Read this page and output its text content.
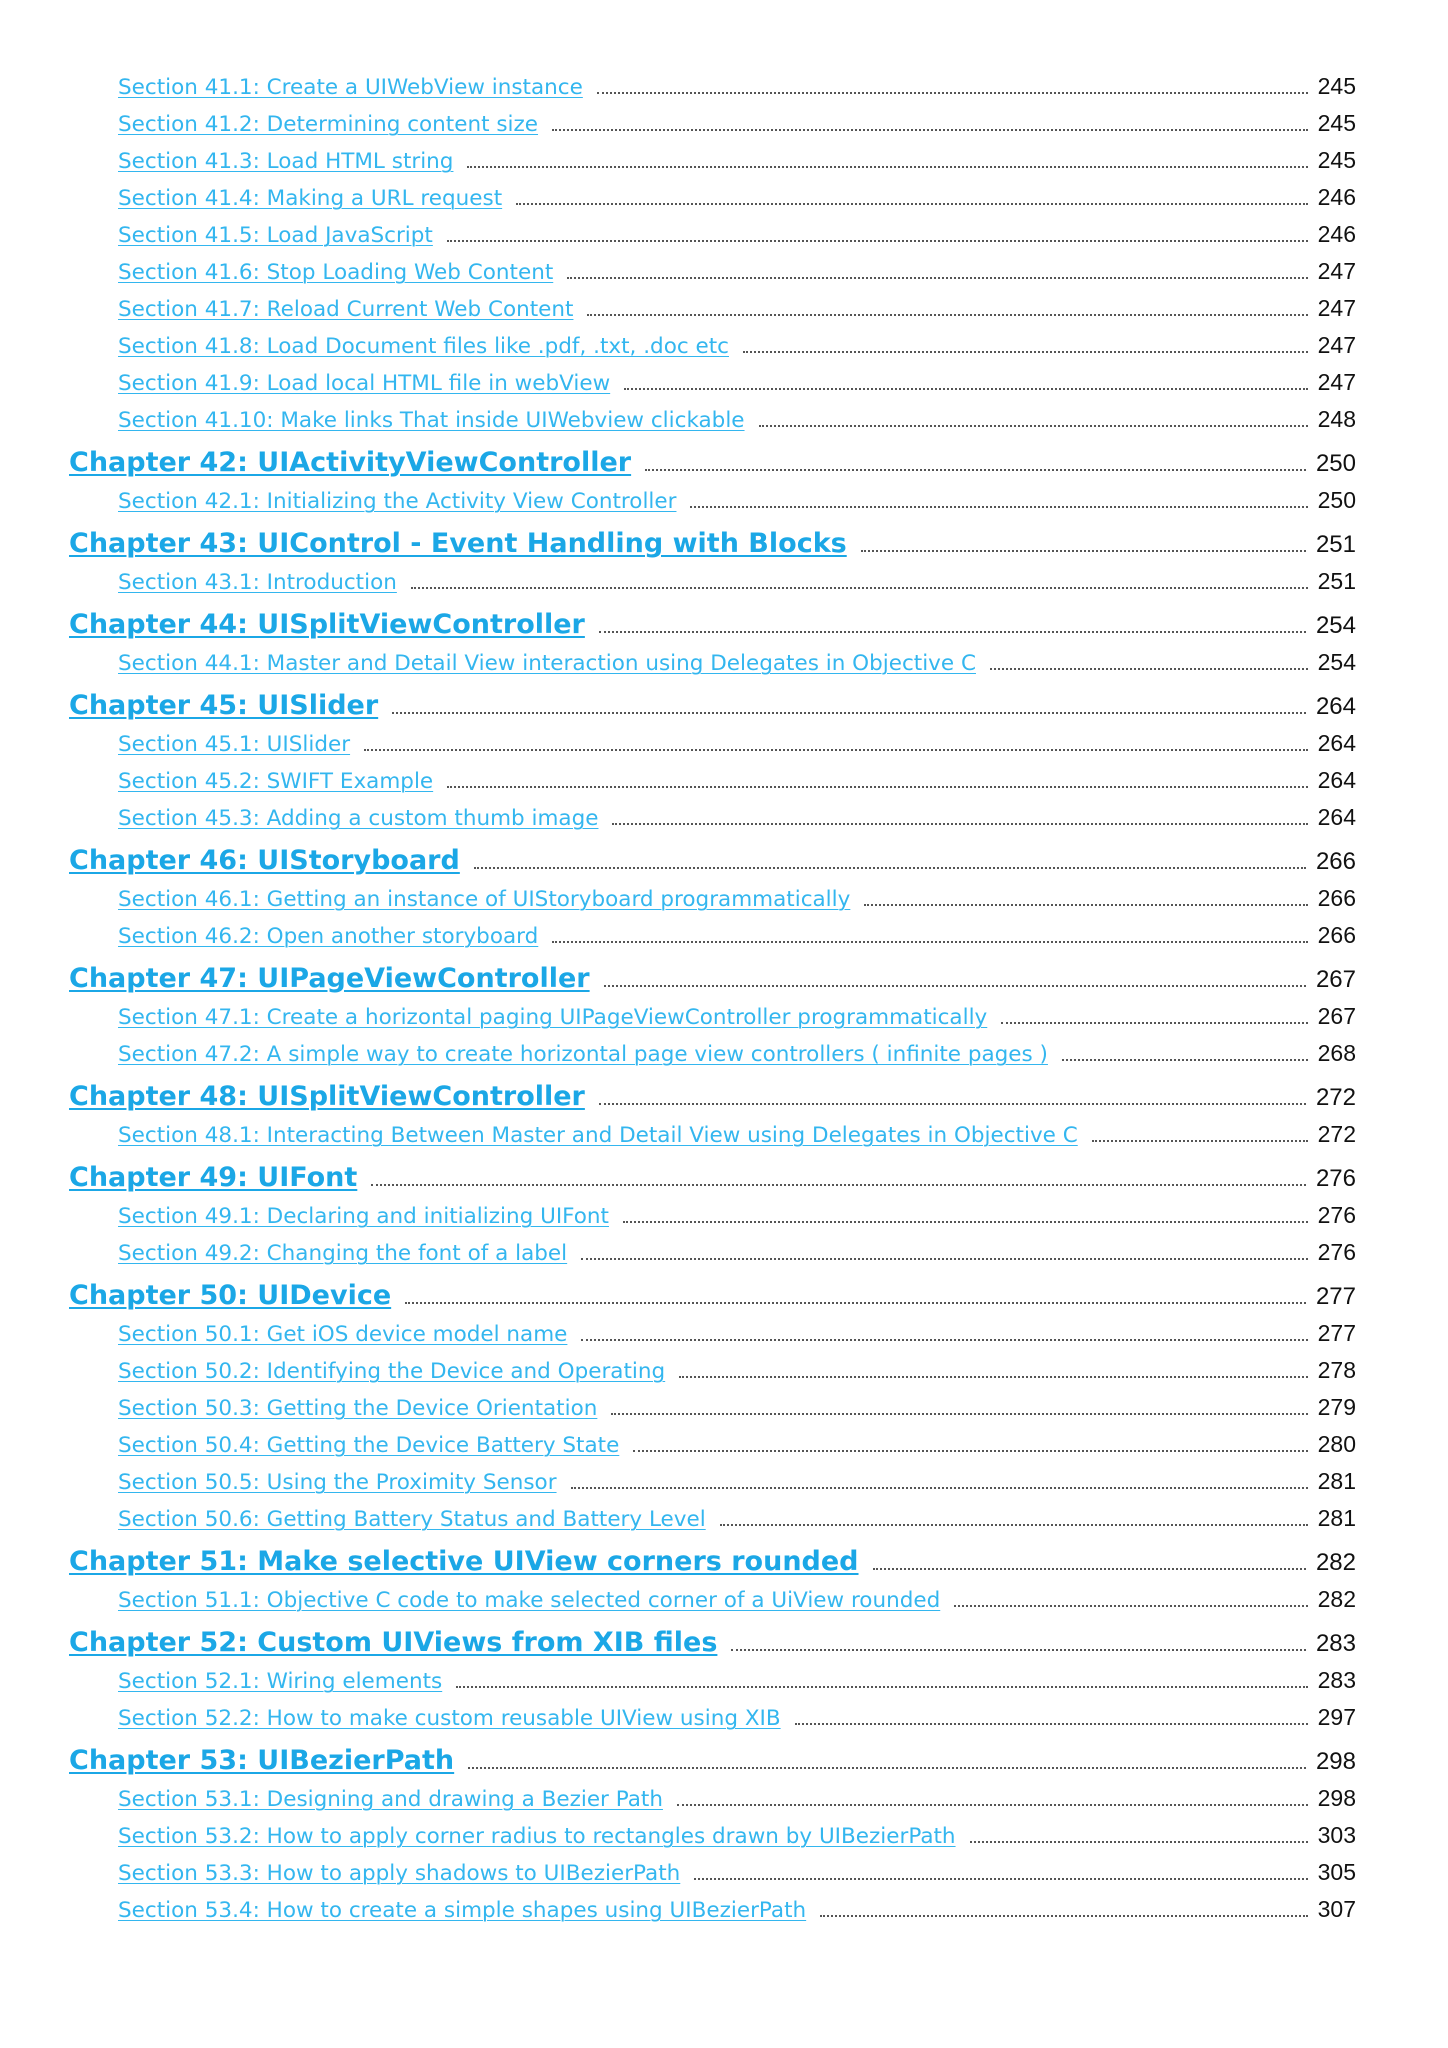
Section 41.1: Create a UIWebView instance	245
Section 41.2: Determining content size	245
Section 41.3: Load HTML string	245
Section 41.4: Making a URL request	246
Section 41.5: Load JavaScript	246
Section 41.6: Stop Loading Web Content	247
Section 41.7: Reload Current Web Content	247
Section 41.8: Load Document files like .pdf, .txt, .doc etc	247
Section 41.9: Load local HTML file in webView	247
Section 41.10: Make links That inside UIWebview clickable	248
Chapter 42: UIActivityViewController	250
Section 42.1: Initializing the Activity View Controller	250
Chapter 43: UIControl - Event Handling with Blocks	251
Section 43.1: Introduction	251
Chapter 44: UISplitViewController	254
Section 44.1: Master and Detail View interaction using Delegates in Objective C	254
Chapter 45: UISlider	264
Section 45.1: UISlider	264
Section 45.2: SWIFT Example	264
Section 45.3: Adding a custom thumb image	264
Chapter 46: UIStoryboard	266
Section 46.1: Getting an instance of UIStoryboard programmatically	266
Section 46.2: Open another storyboard	266
Chapter 47: UIPageViewController	267
Section 47.1: Create a horizontal paging UIPageViewController programmatically	267
Section 47.2: A simple way to create horizontal page view controllers ( infinite pages )	268
Chapter 48: UISplitViewController	272
Section 48.1: Interacting Between Master and Detail View using Delegates in Objective C	272
Chapter 49: UIFont	276
Section 49.1: Declaring and initializing UIFont	276
Section 49.2: Changing the font of a label	276
Chapter 50: UIDevice	277
Section 50.1: Get iOS device model name	277
Section 50.2: Identifying the Device and Operating	278
Section 50.3: Getting the Device Orientation	279
Section 50.4: Getting the Device Battery State	280
Section 50.5: Using the Proximity Sensor	281
Section 50.6: Getting Battery Status and Battery Level	281
Chapter 51: Make selective UIView corners rounded	282
Section 51.1: Objective C code to make selected corner of a UiView rounded	282
Chapter 52: Custom UIViews from XIB files	283
Section 52.1: Wiring elements	283
Section 52.2: How to make custom reusable UIView using XIB	297
Chapter 53: UIBezierPath	298
Section 53.1: Designing and drawing a Bezier Path	298
Section 53.2: How to apply corner radius to rectangles drawn by UIBezierPath	303
Section 53.3: How to apply shadows to UIBezierPath	305
Section 53.4: How to create a simple shapes using UIBezierPath	307
